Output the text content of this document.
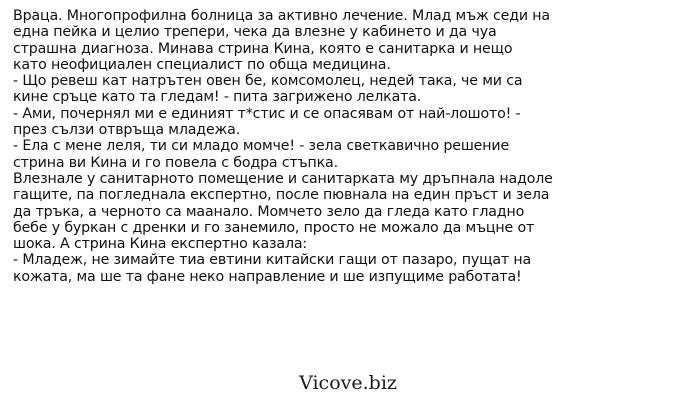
Враца. Многопрофилна болница за активно лечение. Млад мъж седи на
една пейка и целио трепери, чека да влезне у кабинето и да чуа
страшна диагноза. Минава стрина Кина, която е санитарка и нещо
като неофициален специалист по обща медицина.
- Що ревеш кат натрътен овен бе, комсомолец, недей така, че ми са
кине сръце като та гледам! - пита загрижено лелката.
- Ами, почернял ми е единият т*стис и се опасявам от най-лошото! -
през сълзи отвръща младежа.
- Ела с мене леля, ти си младо момче! - зела светкавично решение
стрина ви Кина и го повела с бодра стъпка.
Влезнале у санитарното помещение и санитарката му дръпнала надоле
гащите, па погледнала експертно, после пювнала на един пръст и зела
да тръка, а черното са маанало. Момчето зело да гледа като гладно
бебе у буркан с дренки и го занемило, просто не можало да мъцне от
шока. А стрина Кина експертно казала:
- Младеж, не зимайте тиа евтини китайски гащи от пазаро, пущат на
кожата, ма ше та фане неко направление и ше изпущиме работата!
Vicove.biz
